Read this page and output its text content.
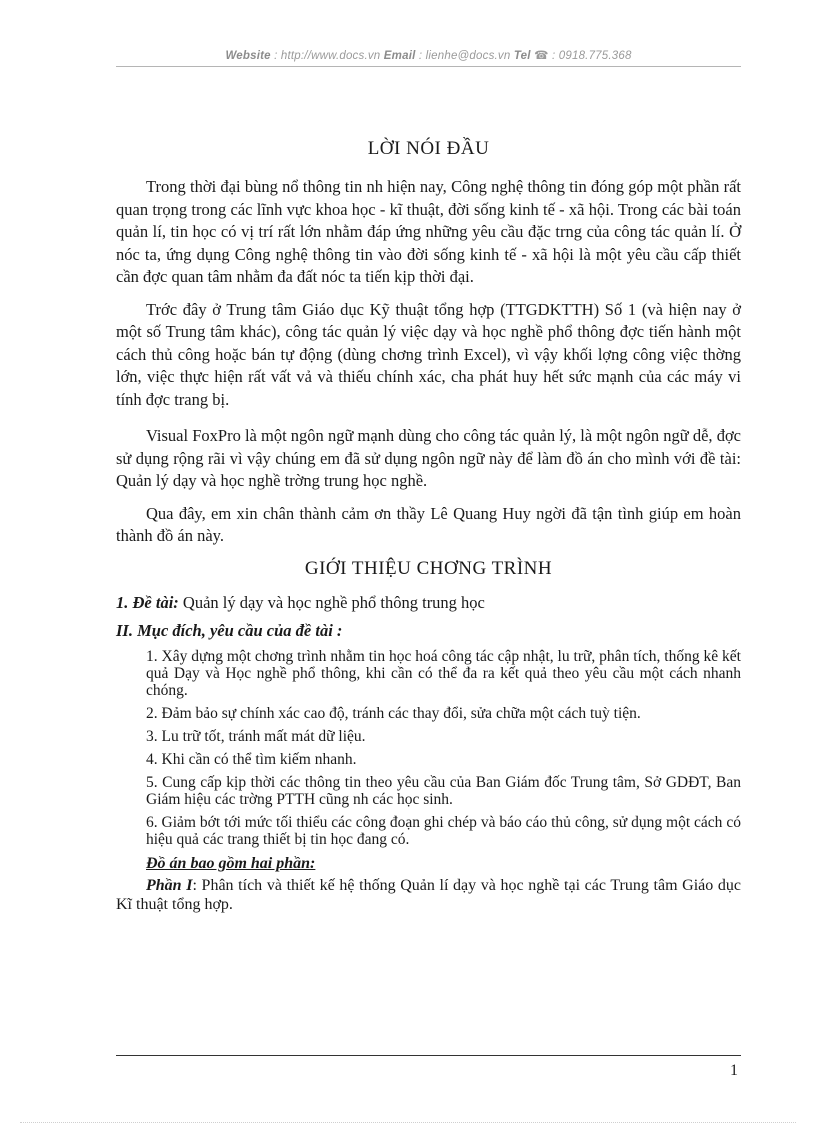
Website : http://www.docs.vn Email : lienhe@docs.vn Tel ☎ : 0918.775.368
LỜI NÓI ĐẦU

Trong thời đại bùng nổ thông tin nh hiện nay, Công nghệ thông tin đóng góp một phần rất quan trọng trong các lĩnh vực khoa học - kĩ thuật, đời sống kinh tế - xã hội. Trong các bài toán quản lí, tin học có vị trí rất lớn nhằm đáp ứng những yêu cầu đặc trng của công tác quản lí. Ở nóc ta, ứng dụng Công nghệ thông tin vào đời sống kinh tế - xã hội là một yêu cầu cấp thiết cần đợc quan tâm nhằm đa đất nóc ta tiến kịp thời đại.

Trớc đây ở Trung tâm Giáo dục Kỹ thuật tổng hợp (TTGDKTTH) Số 1 (và hiện nay ở một số Trung tâm khác), công tác quản lý việc dạy và học nghề phổ thông đợc tiến hành một cách thủ công hoặc bán tự động (dùng chơng trình Excel), vì vậy khối lợng công việc thờng lớn, việc thực hiện rất vất vả và thiếu chính xác, cha phát huy hết sức mạnh của các máy vi tính đợc trang bị.

Visual FoxPro là một ngôn ngữ mạnh dùng cho công tác quản lý, là một ngôn ngữ dễ, đợc sử dụng rộng rãi vì vậy chúng em đã sử dụng ngôn ngữ này để làm đồ án cho mình với đề tài: Quản lý dạy và học nghề trờng trung học nghề.

Qua đây, em xin chân thành cảm ơn thầy Lê Quang Huy ngời đã tận tình giúp em hoàn thành đồ án này.

GIỚI THIỆU CHƠNG TRÌNH

1. Đề tài: Quản lý dạy và học nghề phổ thông trung học

II. Mục đích, yêu cầu của đề tài :

1. Xây dựng một chơng trình nhằm tin học hoá công tác cập nhật, lu trữ, phân tích, thống kê kết quả Dạy và Học nghề phổ thông, khi cần có thể đa ra kết quả theo yêu cầu một cách nhanh chóng.

2. Đảm bảo sự chính xác cao độ, tránh các thay đổi, sửa chữa một cách tuỳ tiện.

3. Lu trữ tốt, tránh mất mát dữ liệu.

4. Khi cần có thể tìm kiếm nhanh.

5. Cung cấp kịp thời các thông tin theo yêu cầu của Ban Giám đốc Trung tâm, Sở GDĐT, Ban Giám hiệu các trờng PTTH cũng nh các học sinh.

6. Giảm bớt tới mức tối thiểu các công đoạn ghi chép và báo cáo thủ công, sử dụng một cách có hiệu quả các trang thiết bị tin học đang có.

Đồ án bao gồm hai phần:

Phần I: Phân tích và thiết kế hệ thống Quản lí dạy và học nghề tại các Trung tâm Giáo dục Kĩ thuật tổng hợp.

1
